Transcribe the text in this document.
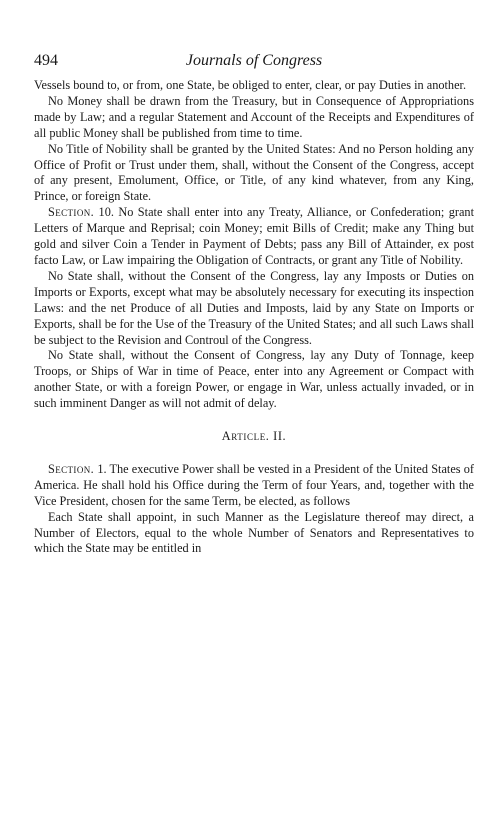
494	Journals of Congress

Vessels bound to, or from, one State, be obliged to enter, clear, or pay Duties in another.

No Money shall be drawn from the Treasury, but in Consequence of Appropriations made by Law; and a regular Statement and Account of the Receipts and Expenditures of all public Money shall be published from time to time.

No Title of Nobility shall be granted by the United States: And no Person holding any Office of Profit or Trust under them, shall, without the Consent of the Congress, accept of any present, Emolument, Office, or Title, of any kind whatever, from any King, Prince, or foreign State.

Section. 10. No State shall enter into any Treaty, Alliance, or Confederation; grant Letters of Marque and Reprisal; coin Money; emit Bills of Credit; make any Thing but gold and silver Coin a Tender in Payment of Debts; pass any Bill of Attainder, ex post facto Law, or Law impairing the Obligation of Contracts, or grant any Title of Nobility.

No State shall, without the Consent of the Congress, lay any Imposts or Duties on Imports or Exports, except what may be absolutely necessary for executing its inspection Laws: and the net Produce of all Duties and Imposts, laid by any State on Imports or Exports, shall be for the Use of the Treasury of the United States; and all such Laws shall be subject to the Revision and Controul of the Congress.

No State shall, without the Consent of Congress, lay any Duty of Tonnage, keep Troops, or Ships of War in time of Peace, enter into any Agreement or Compact with another State, or with a foreign Power, or engage in War, unless actually invaded, or in such imminent Danger as will not admit of delay.

Article. II.

Section. 1. The executive Power shall be vested in a President of the United States of America. He shall hold his Office during the Term of four Years, and, together with the Vice President, chosen for the same Term, be elected, as follows

Each State shall appoint, in such Manner as the Legislature thereof may direct, a Number of Electors, equal to the whole Number of Senators and Representatives to which the State may be entitled in
